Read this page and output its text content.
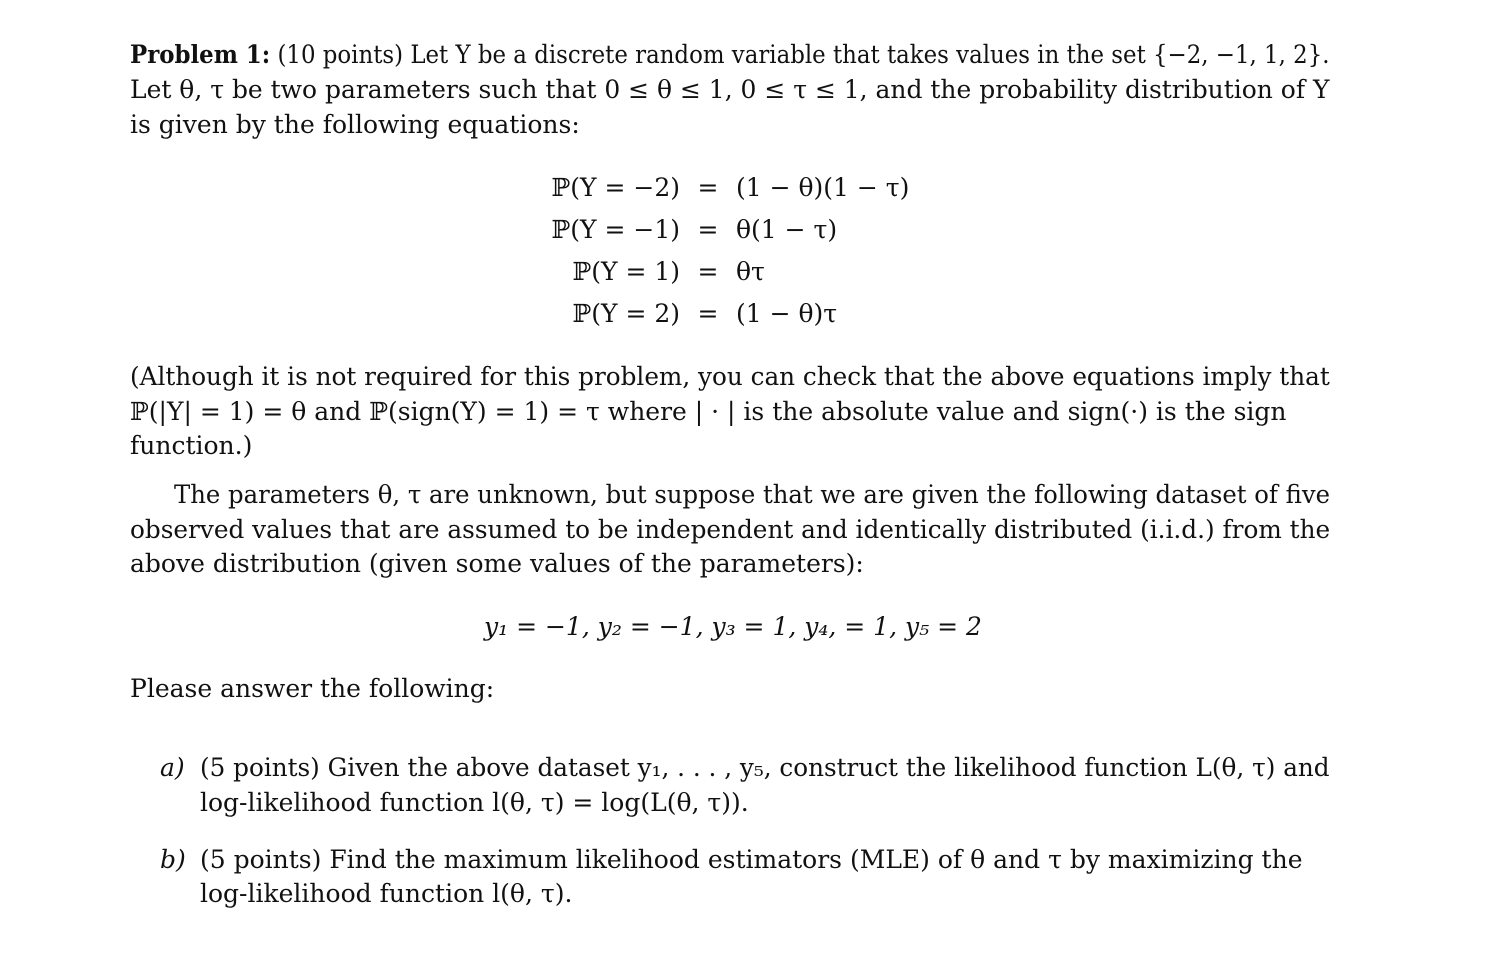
Problem 1: (10 points) Let Y be a discrete random variable that takes values in the set {−2, −1, 1, 2}.
Let θ, τ be two parameters such that 0 ≤ θ ≤ 1, 0 ≤ τ ≤ 1, and the probability distribution of Y
is given by the following equations:
ℙ(Y = −2) = (1 − θ)(1 − τ)
ℙ(Y = −1) = θ(1 − τ)
ℙ(Y = 1) = θτ
ℙ(Y = 2) = (1 − θ)τ
(Although it is not required for this problem, you can check that the above equations imply that
ℙ(|Y| = 1) = θ and ℙ(sign(Y) = 1) = τ where | · | is the absolute value and sign(·) is the sign
function.)
The parameters θ, τ are unknown, but suppose that we are given the following dataset of five
observed values that are assumed to be independent and identically distributed (i.i.d.) from the
above distribution (given some values of the parameters):
y₁ = −1, y₂ = −1, y₃ = 1, y₄, = 1, y₅ = 2
Please answer the following:
a) (5 points) Given the above dataset y₁, . . . , y₅, construct the likelihood function L(θ, τ) and
log-likelihood function l(θ, τ) = log(L(θ, τ)).
b) (5 points) Find the maximum likelihood estimators (MLE) of θ and τ by maximizing the
log-likelihood function l(θ, τ).
